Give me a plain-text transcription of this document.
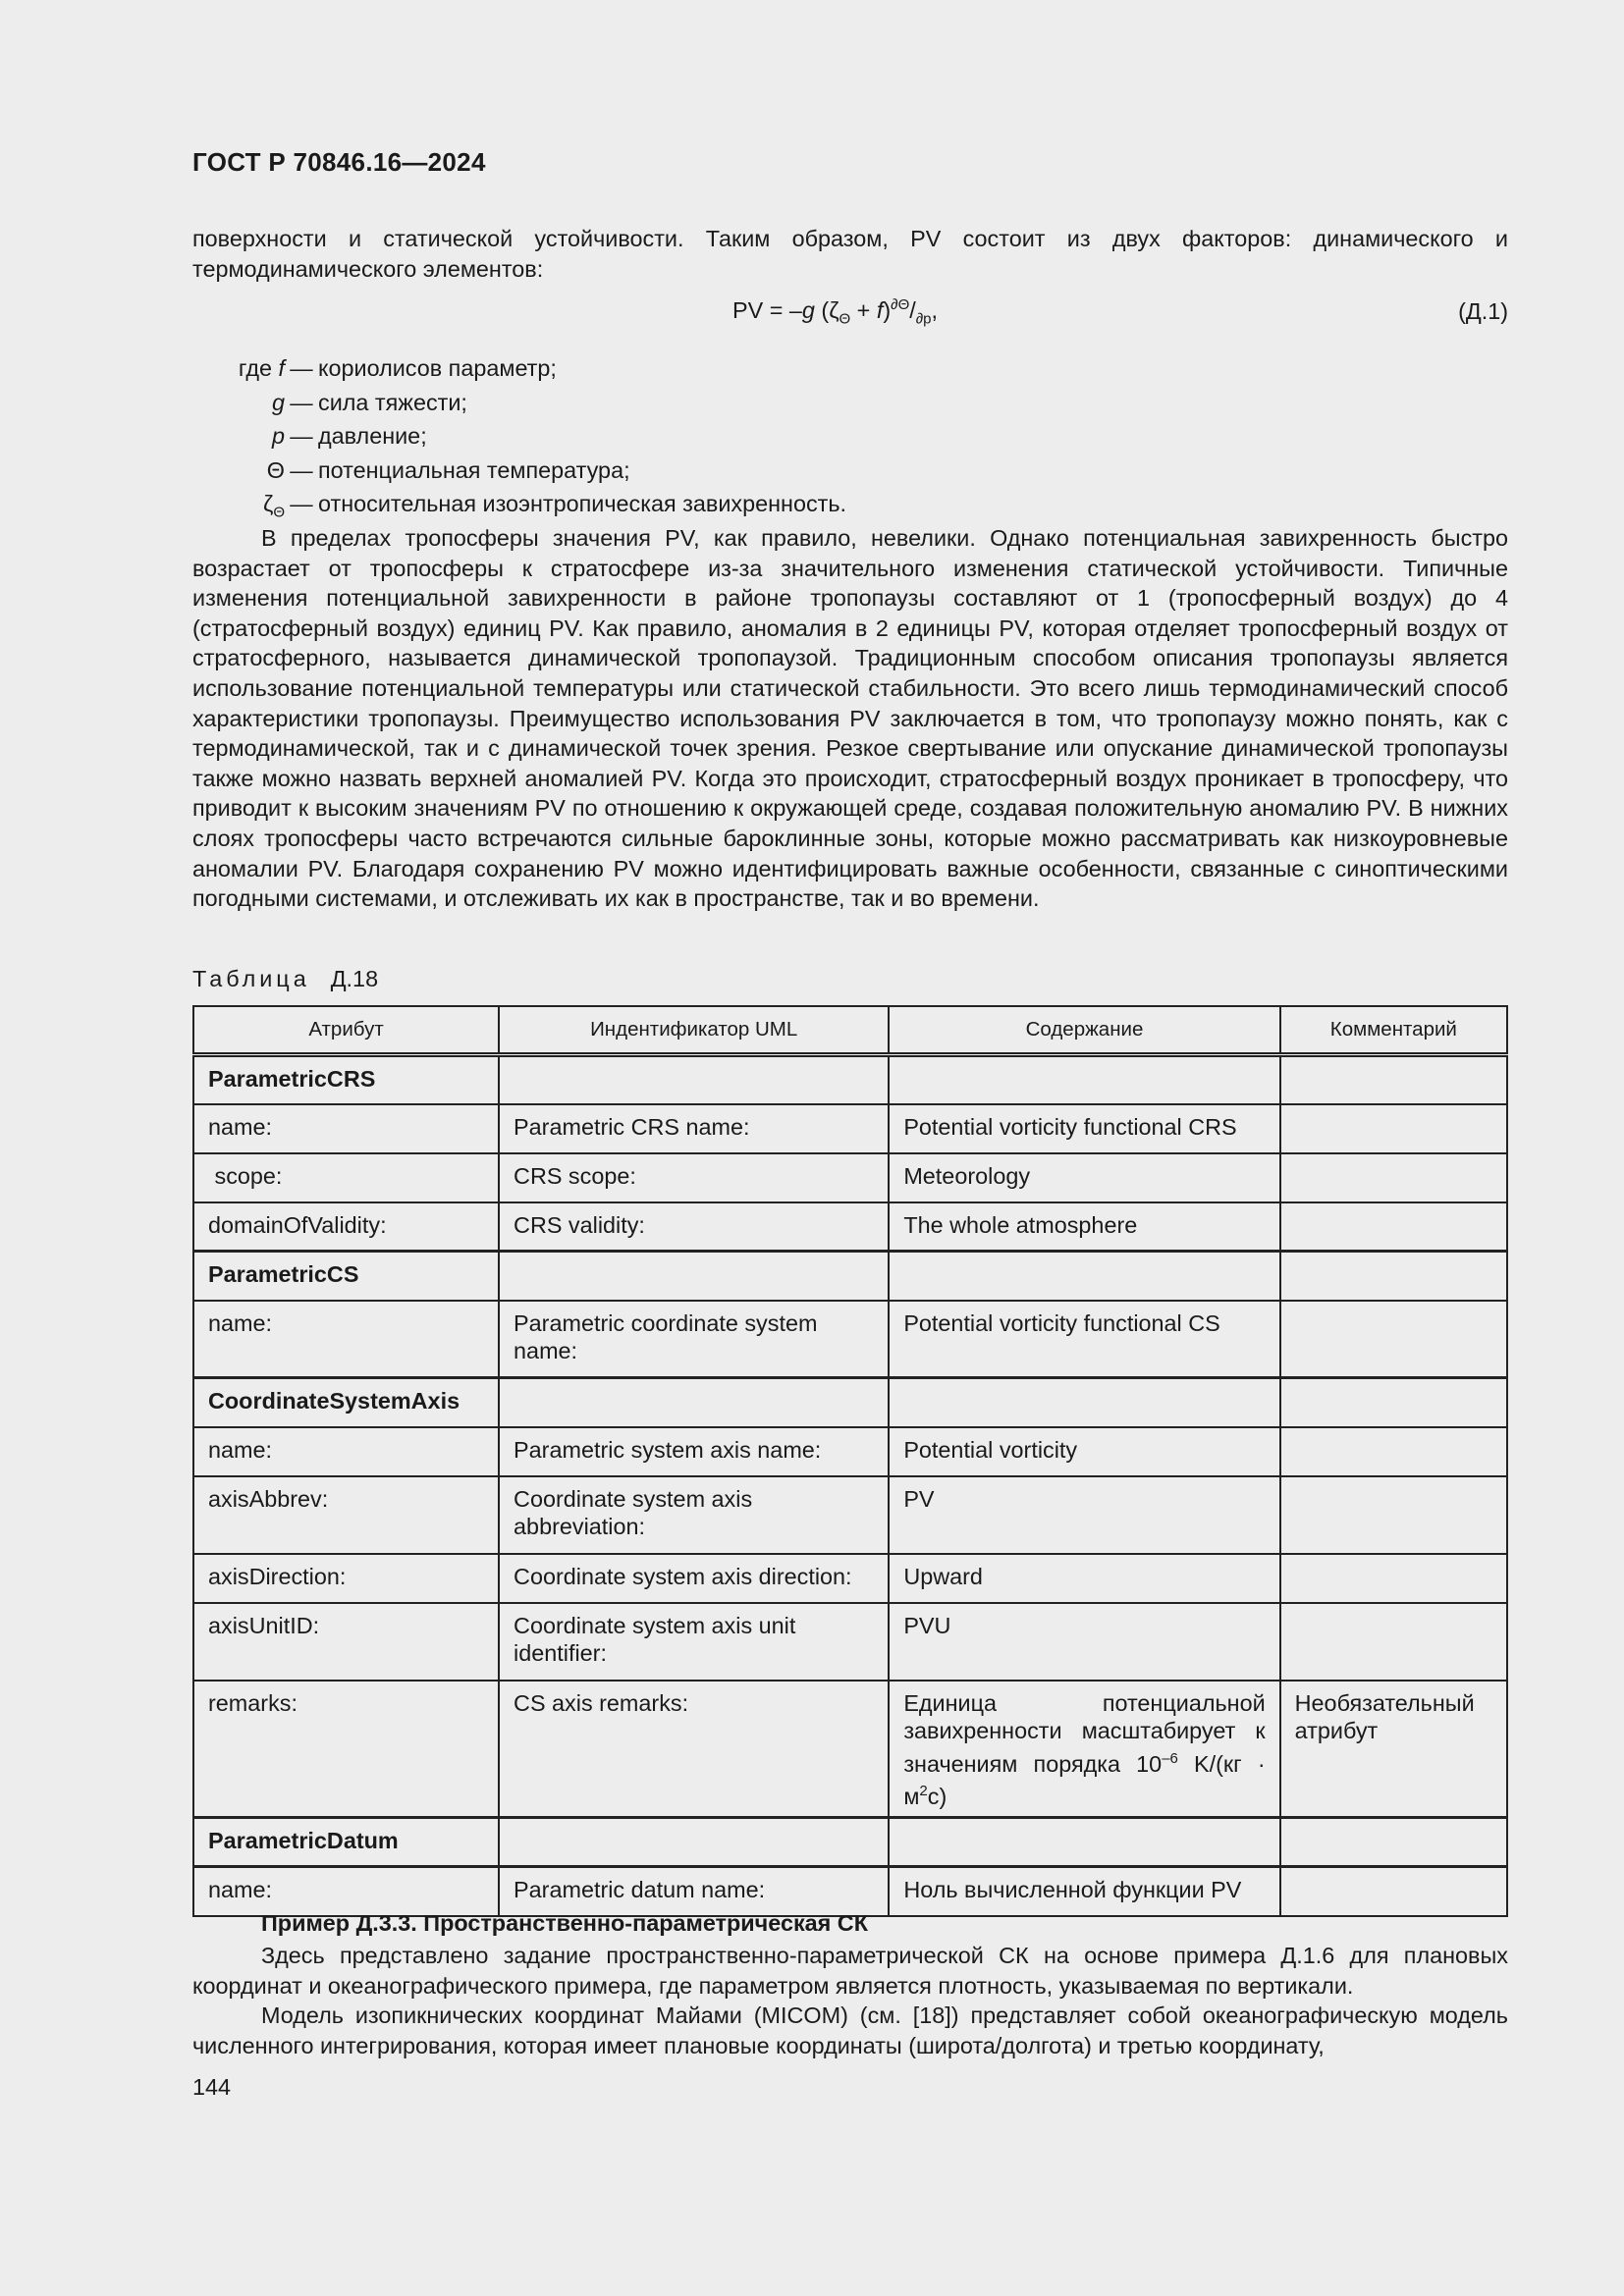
ГОСТ Р 70846.16—2024
поверхности и статической устойчивости. Таким образом, PV состоит из двух факторов: динамического и термодинамического элементов:
PV = –g $(\zeta_\Theta + f)^{\partial\Theta}/_{\partial p}$,	(Д.1)
где f — кориолисов параметр;
g — сила тяжести;
p — давление;
Θ — потенциальная температура;
$\zeta_\Theta$ — относительная изоэнтропическая завихренность.
В пределах тропосферы значения PV, как правило, невелики. Однако потенциальная завихренность быстро возрастает от тропосферы к стратосфере из-за значительного изменения статической устойчивости. Типичные изменения потенциальной завихренности в районе тропопаузы составляют от 1 (тропосферный воздух) до 4 (стратосферный воздух) единиц PV. Как правило, аномалия в 2 единицы PV, которая отделяет тропосферный воздух от стратосферного, называется динамической тропопаузой. Традиционным способом описания тропопаузы является использование потенциальной температуры или статической стабильности. Это всего лишь термодинамический способ характеристики тропопаузы. Преимущество использования PV заключается в том, что тропопаузу можно понять, как с термодинамической, так и с динамической точек зрения. Резкое свертывание или опускание динамической тропопаузы также можно назвать верхней аномалией PV. Когда это происходит, стратосферный воздух проникает в тропосферу, что приводит к высоким значениям PV по отношению к окружающей среде, создавая положительную аномалию PV. В нижних слоях тропосферы часто встречаются сильные бароклинные зоны, которые можно рассматривать как низкоуровневые аномалии PV. Благодаря сохранению PV можно идентифицировать важные особенности, связанные с синоптическими погодными системами, и отслеживать их как в пространстве, так и во времени.
Таблица Д.18
Атрибут	Индентификатор UML	Содержание	Комментарий
ParametricCRS			
name:	Parametric CRS name:	Potential vorticity functional CRS	
scope:	CRS scope:	Meteorology	
domainOfValidity:	CRS validity:	The whole atmosphere	
ParametricCS			
name:	Parametric coordinate system name:	Potential vorticity functional CS	
CoordinateSystemAxis			
name:	Parametric system axis name:	Potential vorticity	
axisAbbrev:	Coordinate system axis abbreviation:	PV	
axisDirection:	Coordinate system axis direction:	Upward	
axisUnitID:	Coordinate system axis unit identifier:	PVU	
remarks:	CS axis remarks:	Единица потенциальной завихренности масштабирует к значениям порядка $10^{-6}$ $K/(кг \cdot м^2с)$	Необязательный атрибут
ParametricDatum			
name:	Parametric datum name:	Ноль вычисленной функции PV	
Пример Д.3.3. Пространственно-параметрическая СК
Здесь представлено задание пространственно-параметрической СК на основе примера Д.1.6 для плановых координат и океанографического примера, где параметром является плотность, указываемая по вертикали.
Модель изопикнических координат Майами (MICOM) (см. [18]) представляет собой океанографическую модель численного интегрирования, которая имеет плановые координаты (широта/долгота) и третью координату,
144
